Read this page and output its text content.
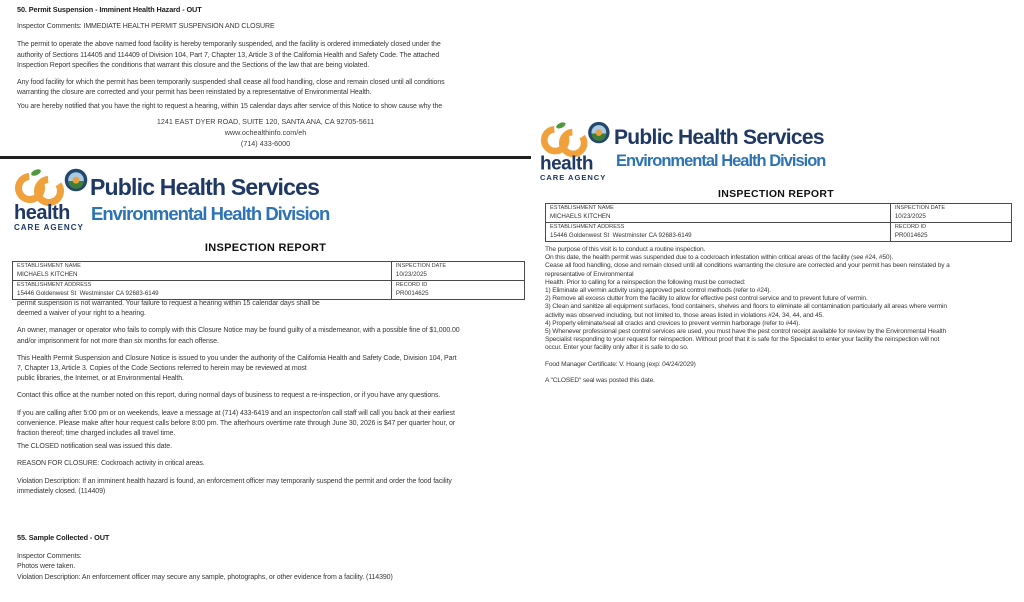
50. Permit Suspension - Imminent Health Hazard - OUT
Inspector Comments: IMMEDIATE HEALTH PERMIT SUSPENSION AND CLOSURE
The permit to operate the above named food facility is hereby temporarily suspended, and the facility is ordered immediately closed under the
authority of Sections 114405 and 114409 of Division 104, Part 7, Chapter 13, Article 3 of the California Health and Safety Code. The attached
Inspection Report specifies the conditions that warrant this closure and the Sections of the law that are being violated.
Any food facility for which the permit has been temporarily suspended shall cease all food handling, close and remain closed until all conditions
warranting the closure are corrected and your permit has been reinstated by a representative of Environmental Health.
You are hereby notified that you have the right to request a hearing, within 15 calendar days after service of this Notice to show cause why the
1241 EAST DYER ROAD, SUITE 120, SANTA ANA, CA 92705-5611
www.ochealthinfo.com/eh
(714) 433-6000
health
CARE AGENCY
Public Health Services
Environmental Health Division
INSPECTION REPORT
ESTABLISHMENT NAME
MICHAELS KITCHEN

INSPECTION DATE
10/23/2025

ESTABLISHMENT ADDRESS
15446 Goldenwest St  Westminster CA 92683-6149

RECORD ID
PR0014625
permit suspension is not warranted. Your failure to request a hearing within 15 calendar days shall be
deemed a waiver of your right to a hearing.
An owner, manager or operator who fails to comply with this Closure Notice may be found guilty of a misdemeanor, with a possible fine of $1,000.00
and/or imprisonment for not more than six months for each offense.
This Health Permit Suspension and Closure Notice is issued to you under the authority of the California Health and Safety Code, Division 104, Part
7, Chapter 13, Article 3. Copies of the Code Sections referred to herein may be reviewed at most
public libraries, the Internet, or at Environmental Health.
Contact this office at the number noted on this report, during normal days of business to request a re-inspection, or if you have any questions.
If you are calling after 5:00 pm or on weekends, leave a message at (714) 433-6419 and an inspector/on call staff will call you back at their earliest
convenience. Please make after hour request calls before 8:00 pm. The afterhours overtime rate through June 30, 2026 is $47 per quarter hour, or
fraction thereof; time charged includes all travel time.
The CLOSED notification seal was issued this date.
REASON FOR CLOSURE: Cockroach activity in critical areas.
Violation Description: If an imminent health hazard is found, an enforcement officer may temporarily suspend the permit and order the food facility
immediately closed. (114409)
55. Sample Collected - OUT
Inspector Comments:
Photos were taken.
Violation Description: An enforcement officer may secure any sample, photographs, or other evidence from a facility. (114390)
health
CARE AGENCY
Public Health Services
Environmental Health Division
INSPECTION REPORT
ESTABLISHMENT NAME
MICHAELS KITCHEN

INSPECTION DATE
10/23/2025

ESTABLISHMENT ADDRESS
15446 Goldenwest St  Westminster CA 92683-6149

RECORD ID
PR0014625
The purpose of this visit is to conduct a routine inspection.
On this date, the health permit was suspended due to a cockroach infestation within critical areas of the facility (see #24, #50).
Cease all food handling, close and remain closed until all conditions warranting the closure are corrected and your permit has been reinstated by a
representative of Environmental
Health. Prior to calling for a reinspection the following must be corrected:
1) Eliminate all vermin activity using approved pest control methods (refer to #24).
2) Remove all excess clutter from the facility to allow for effective pest control service and to prevent future of vermin.
3) Clean and sanitize all equipment surfaces, food containers, shelves and floors to eliminate all contamination particularly all areas where vermin
activity was observed including, but not limited to, those areas listed in violations #24, 34, 44, and 45.
4) Properly eliminate/seal all cracks and crevices to prevent vermin harborage (refer to #44).
5) Whenever professional pest control services are used, you must have the pest control receipt available for review by the Environmental Health
Specialist responding to your request for reinspection. Without proof that it is safe for the Specialist to enter your facility the reinspection will not
occur. Enter your facility only after it is safe to do so.
Food Manager Certificate: V. Hoang (exp: 04/24/2029)
A "CLOSED" seal was posted this date.
